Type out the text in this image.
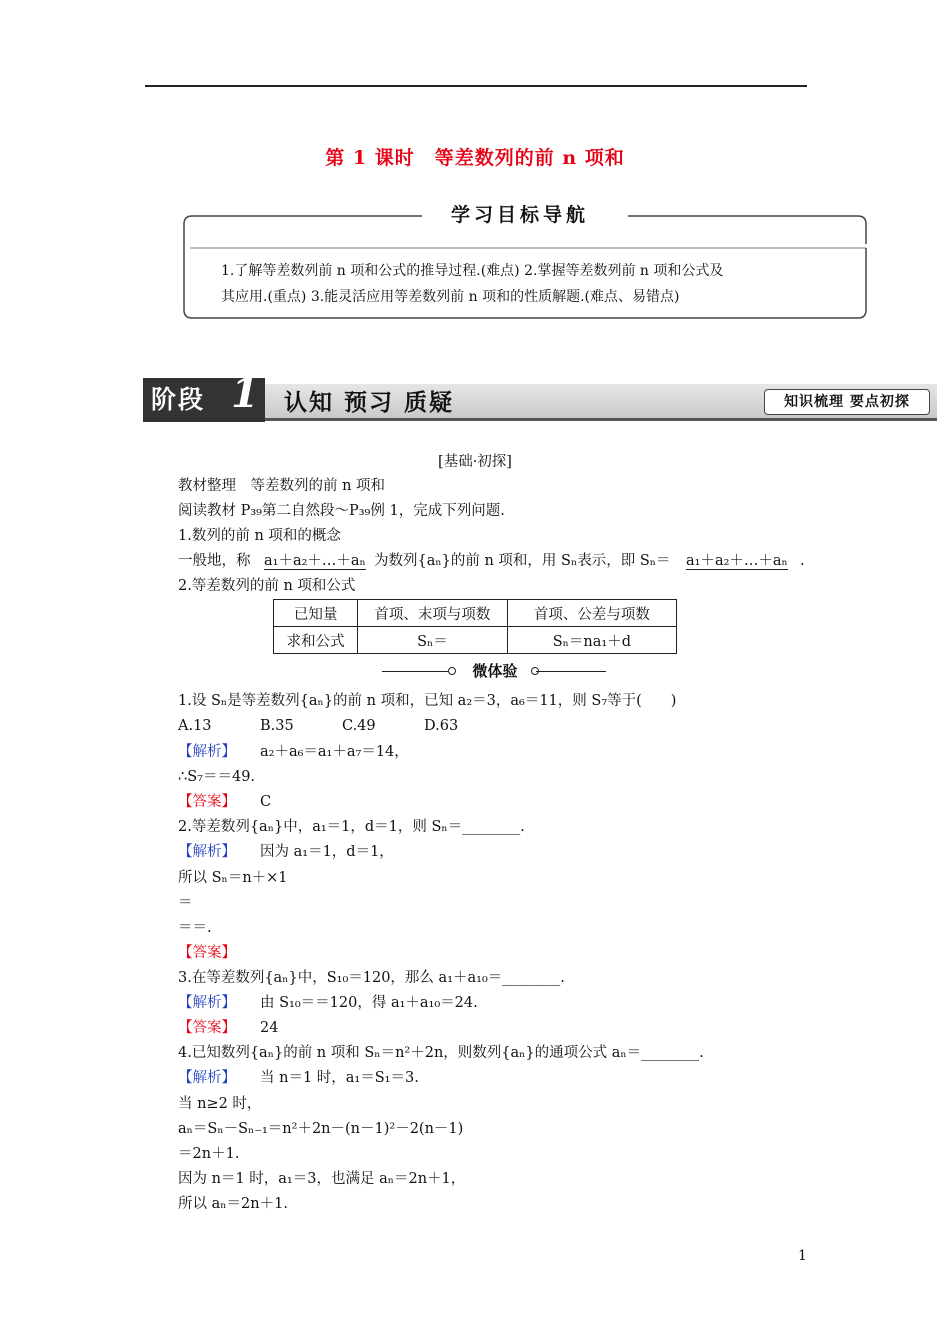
第 1 课时　等差数列的前 n 项和
学习目标导航
1.了解等差数列前 n 项和公式的推导过程.(难点) 2.掌握等差数列前 n 项和公式及
其应用.(重点) 3.能灵活应用等差数列前 n 项和的性质解题.(难点、易错点)
阶段 1 认知 预习 质疑	知识梳理 要点初探
[基础·初探]
教材整理　等差数列的前 n 项和
阅读教材 P₃₉第二自然段～P₃₉例 1，完成下列问题.
1.数列的前 n 项和的概念
一般地，称 a₁＋a₂＋…＋aₙ 为数列{aₙ}的前 n 项和，用 Sₙ表示，即 Sₙ＝ a₁＋a₂＋…＋aₙ .
2.等差数列的前 n 项和公式
已知量	首项、末项与项数	首项、公差与项数
求和公式	Sₙ＝	Sₙ＝na₁＋d
微体验
1.设 Sₙ是等差数列{aₙ}的前 n 项和，已知 a₂＝3，a₆＝11，则 S₇等于(　　)
A.13	B.35	C.49	D.63
【解析】 a₂＋a₆＝a₁＋a₇＝14，
∴S₇＝＝49.
【答案】 C
2.等差数列{aₙ}中，a₁＝1，d＝1，则 Sₙ＝________.
【解析】 因为 a₁＝1，d＝1，
所以 Sₙ＝n＋×1
＝
＝＝.
【答案】
3.在等差数列{aₙ}中，S₁₀＝120，那么 a₁＋a₁₀＝________.
【解析】 由 S₁₀＝＝120，得 a₁＋a₁₀＝24.
【答案】 24
4.已知数列{aₙ}的前 n 项和 Sₙ＝n²＋2n，则数列{aₙ}的通项公式 aₙ＝________.
【解析】 当 n＝1 时，a₁＝S₁＝3.
当 n≥2 时，
aₙ＝Sₙ－Sₙ₋₁＝n²＋2n－(n－1)²－2(n－1)
＝2n＋1.
因为 n＝1 时，a₁＝3，也满足 aₙ＝2n＋1，
所以 aₙ＝2n＋1.
1
